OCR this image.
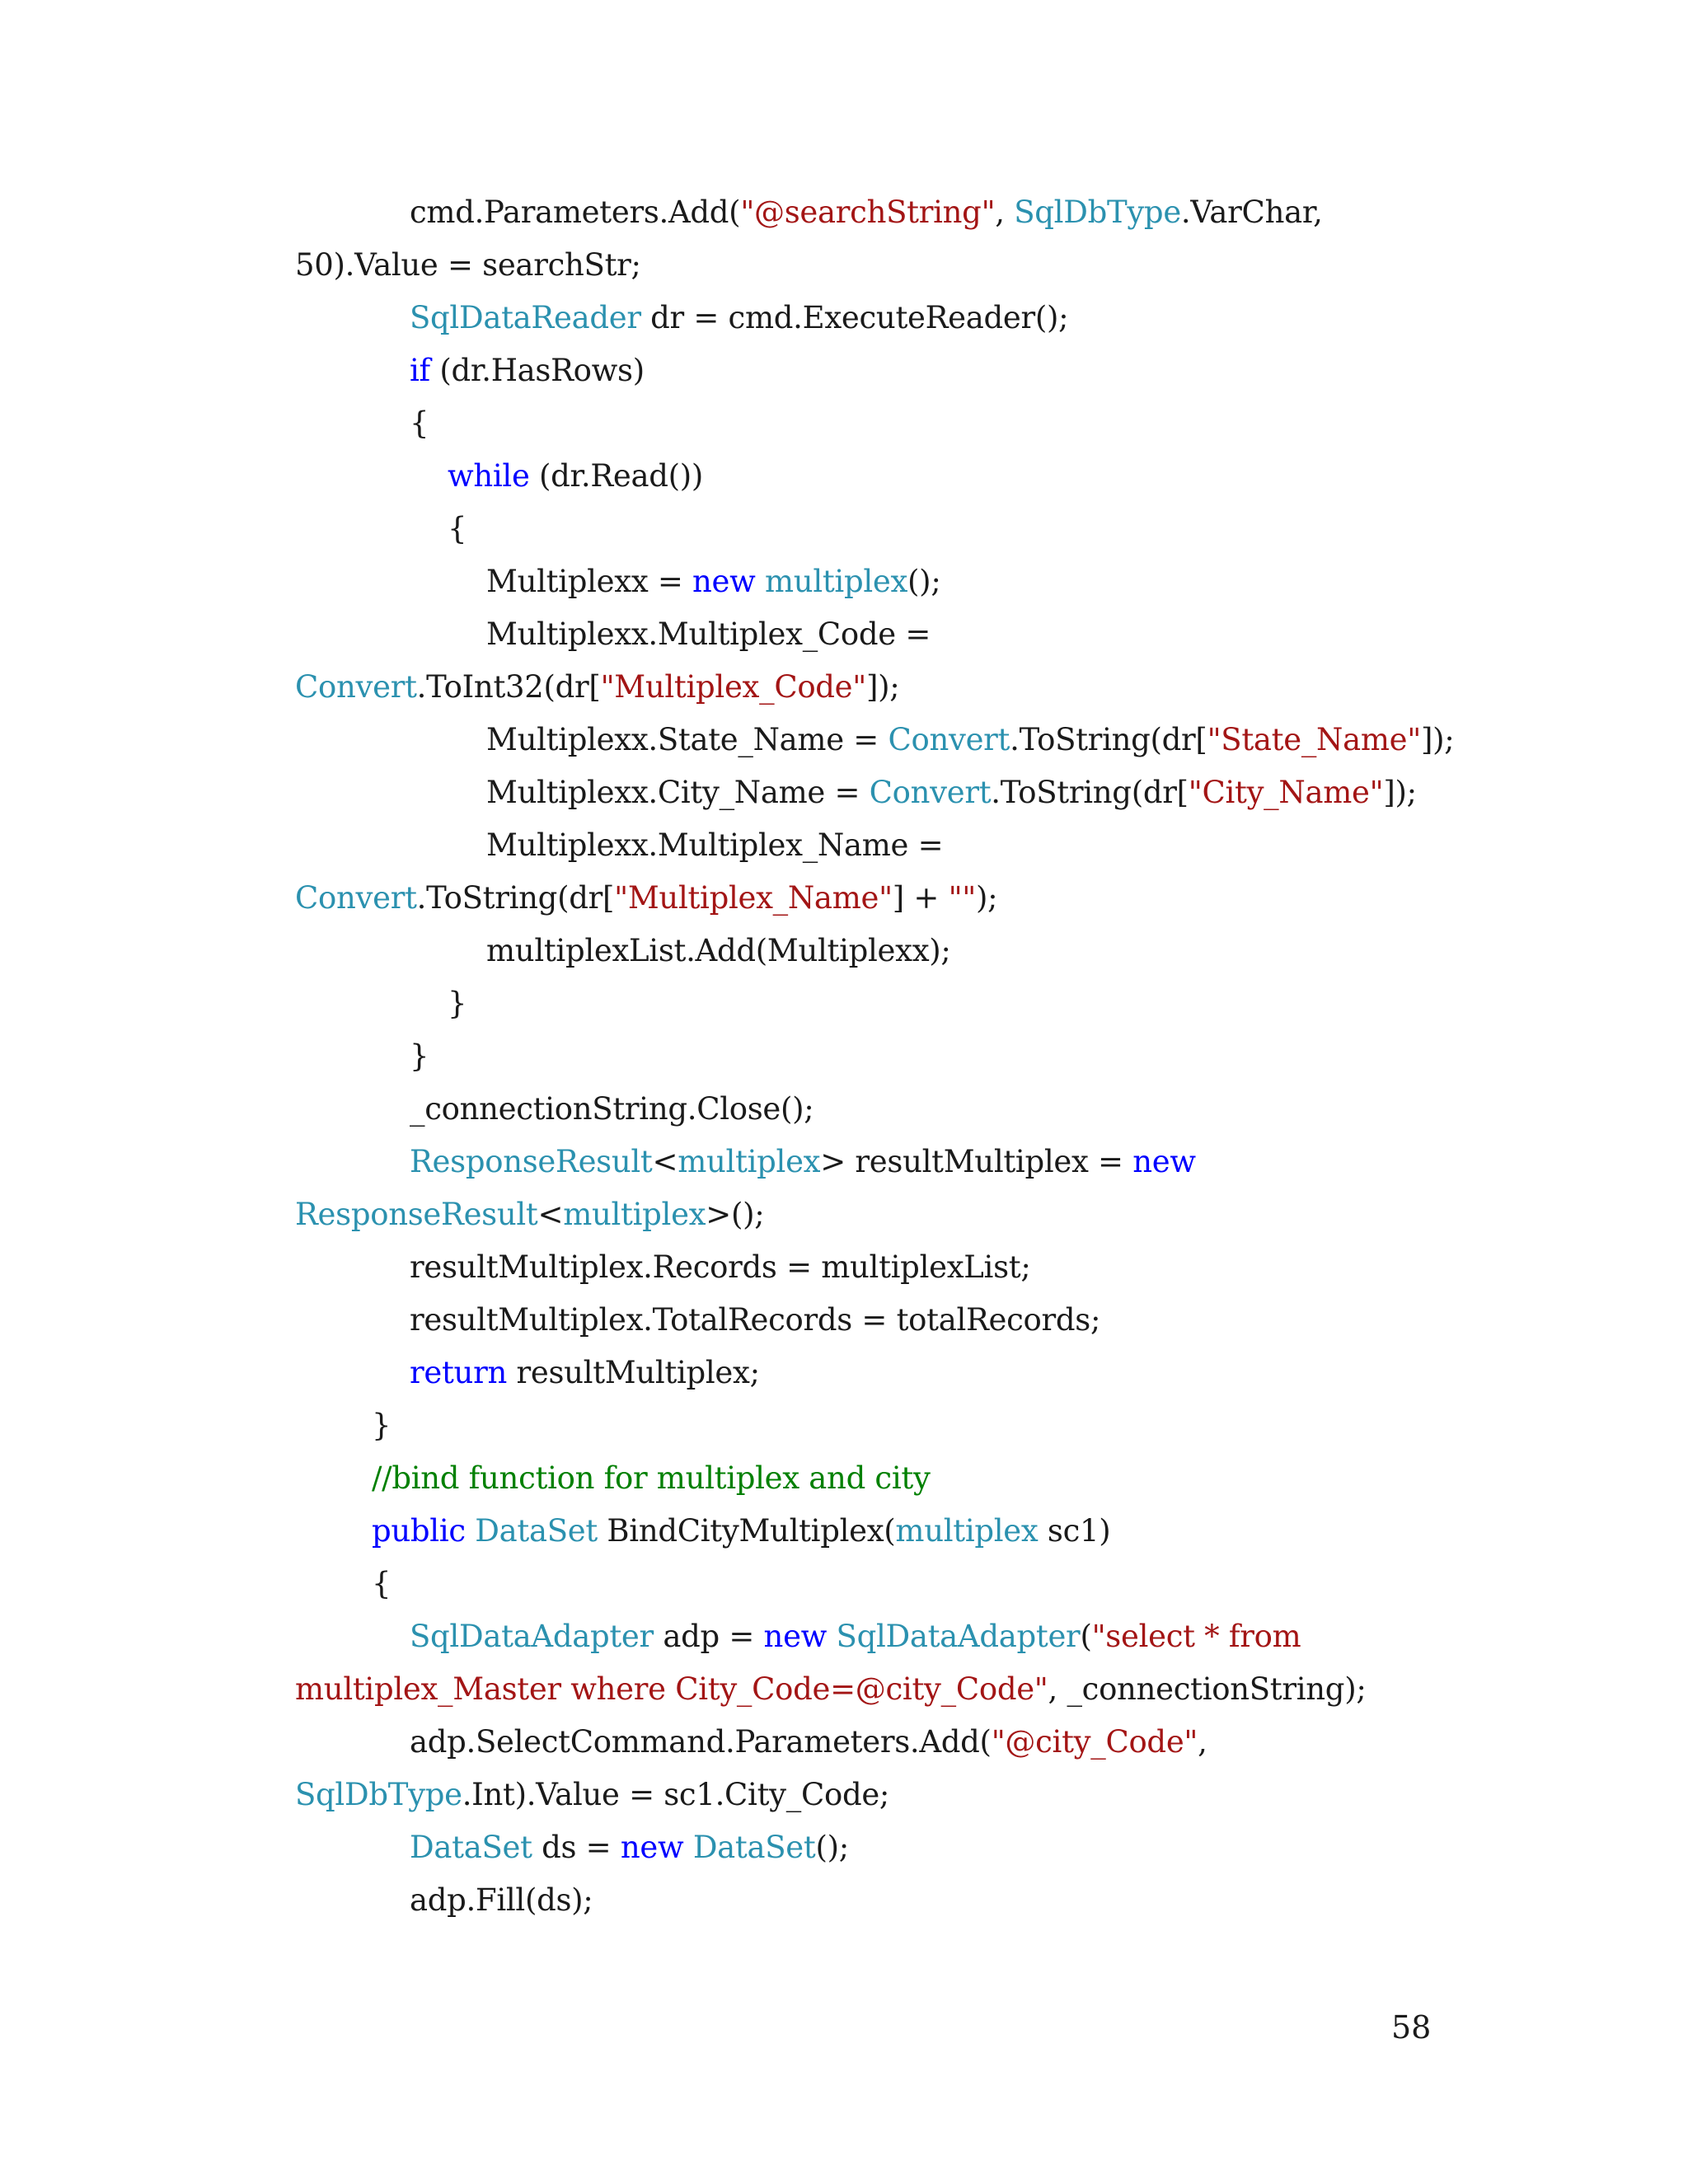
cmd.Parameters.Add("@searchString", SqlDbType.VarChar,
50).Value = searchStr;
SqlDataReader dr = cmd.ExecuteReader();
if (dr.HasRows)
{
while (dr.Read())
{
Multiplexx = new multiplex();
Multiplexx.Multiplex_Code =
Convert.ToInt32(dr["Multiplex_Code"]);
Multiplexx.State_Name = Convert.ToString(dr["State_Name"]);
Multiplexx.City_Name = Convert.ToString(dr["City_Name"]);
Multiplexx.Multiplex_Name =
Convert.ToString(dr["Multiplex_Name"] + "");
multiplexList.Add(Multiplexx);
}
}
_connectionString.Close();
ResponseResult<multiplex> resultMultiplex = new
ResponseResult<multiplex>();
resultMultiplex.Records = multiplexList;
resultMultiplex.TotalRecords = totalRecords;
return resultMultiplex;
}
//bind function for multiplex and city
public DataSet BindCityMultiplex(multiplex sc1)
{
SqlDataAdapter adp = new SqlDataAdapter("select * from
multiplex_Master where City_Code=@city_Code", _connectionString);
adp.SelectCommand.Parameters.Add("@city_Code",
SqlDbType.Int).Value = sc1.City_Code;
DataSet ds = new DataSet();
adp.Fill(ds);
58
